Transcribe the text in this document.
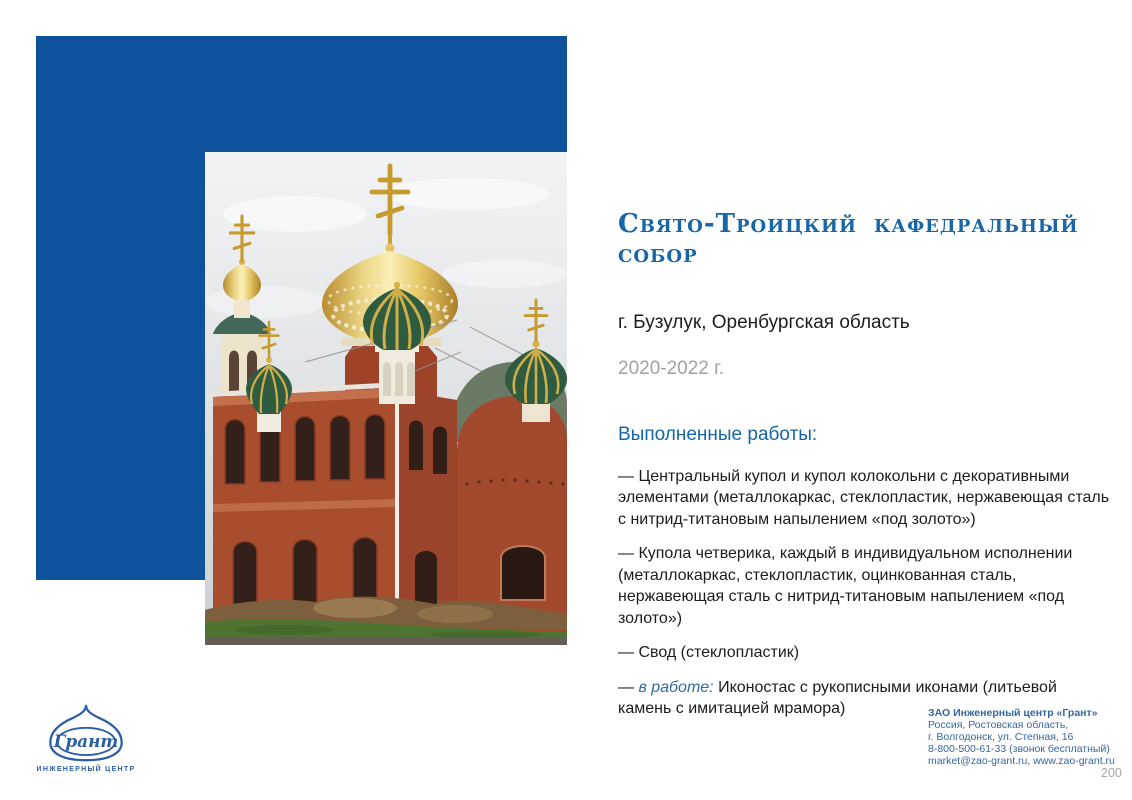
Свято-Троицкий кафедральный собор
г. Бузулук, Оренбургская область
2020-2022 г.
Выполненные работы:

— Центральный купол и купол колокольни с декоративными элементами (металлокаркас, стеклопластик, нержавеющая сталь с нитрид-титановым напылением «под золото»)

— Купола четверика, каждый в индивидуальном исполнении (металлокаркас, стеклопластик, оцинкованная сталь, нержавеющая сталь с нитрид-титановым напылением «под золото»)

— Свод (стеклопластик)

— в работе: Иконостас с рукописными иконами (литьевой камень с имитацией мрамора)

Грант
ИНЖЕНЕРНЫЙ ЦЕНТР
ЗАО Инженерный центр «Грант»
Россия, Ростовская область,
г. Волгодонск, ул. Степная, 16
8-800-500-61-33 (звонок бесплатный)
market@zao-grant.ru, www.zao-grant.ru
200
